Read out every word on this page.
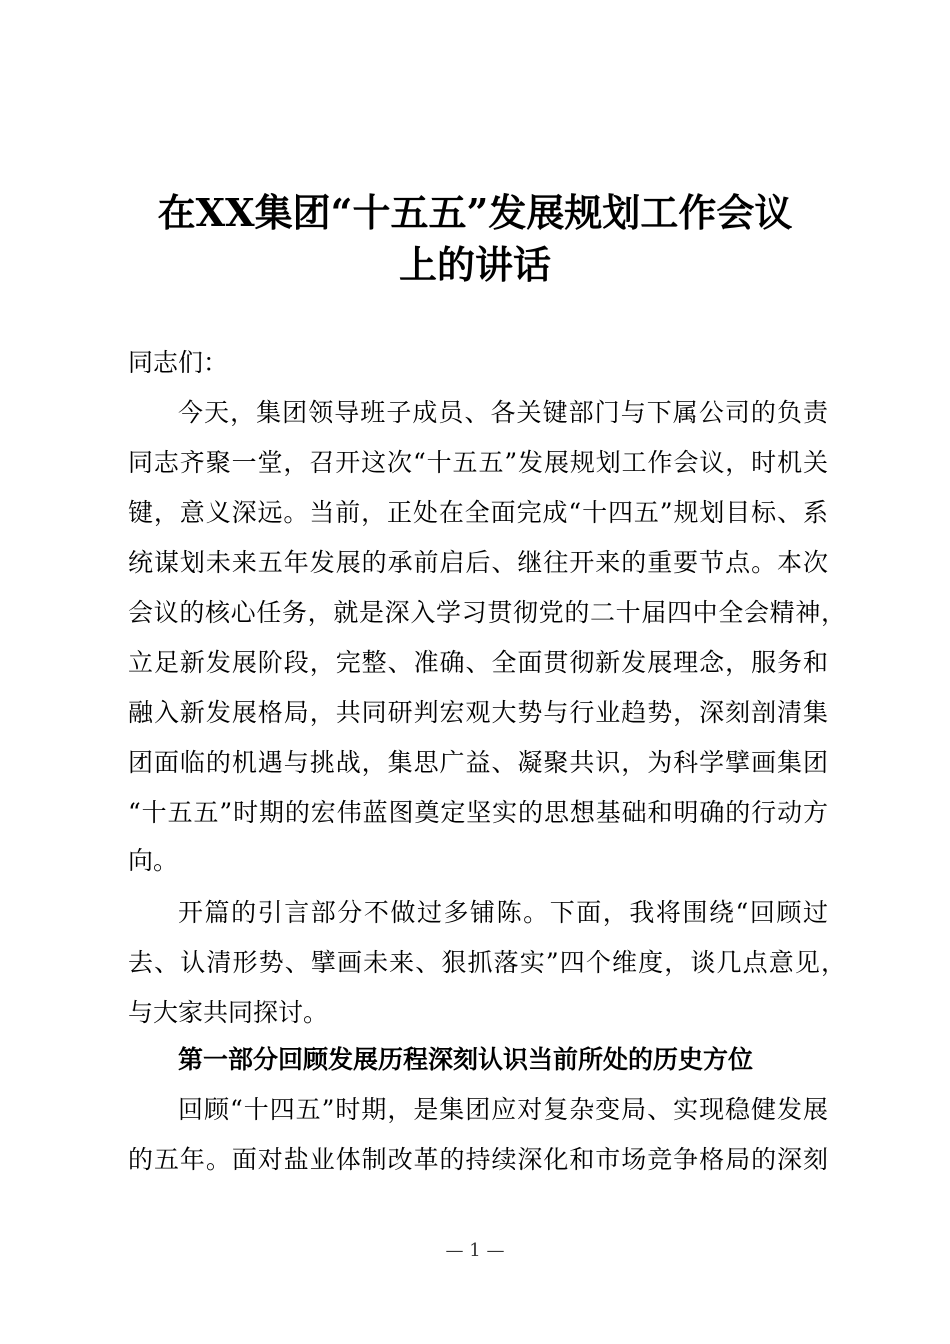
在XX集团“十五五”发展规划工作会议
上的讲话
同志们：
今天，集团领导班子成员、各关键部门与下属公司的负责
同志齐聚一堂，召开这次“十五五”发展规划工作会议，时机关
键，意义深远。当前，正处在全面完成“十四五”规划目标、系
统谋划未来五年发展的承前启后、继往开来的重要节点。本次
会议的核心任务，就是深入学习贯彻党的二十届四中全会精神，
立足新发展阶段，完整、准确、全面贯彻新发展理念，服务和
融入新发展格局，共同研判宏观大势与行业趋势，深刻剖清集
团面临的机遇与挑战，集思广益、凝聚共识，为科学擘画集团
“十五五”时期的宏伟蓝图奠定坚实的思想基础和明确的行动方
向。
开篇的引言部分不做过多铺陈。下面，我将围绕“回顾过
去、认清形势、擘画未来、狠抓落实”四个维度，谈几点意见，
与大家共同探讨。
第一部分回顾发展历程深刻认识当前所处的历史方位
回顾“十四五”时期，是集团应对复杂变局、实现稳健发展
的五年。面对盐业体制改革的持续深化和市场竞争格局的深刻
— 1 —
